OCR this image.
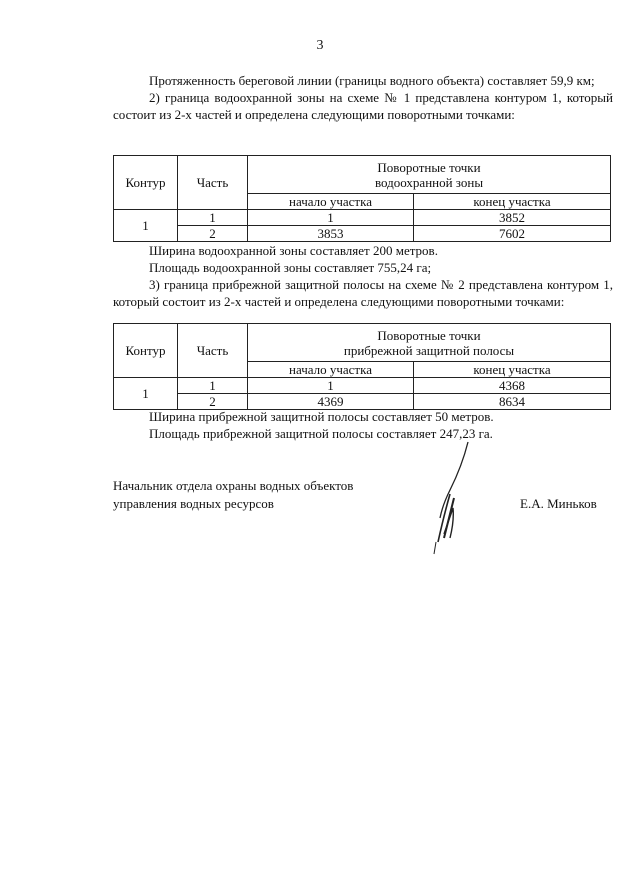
3

Протяженность береговой линии (границы водного объекта) составляет 59,9 км;

2) граница водоохранной зоны на схеме № 1 представлена контуром 1, который состоит из 2-х частей и определена следующими поворотными точками:

Контур	Часть	Поворотные точки
водоохранной зоны	

		начало участка	конец участка
1	1	1	3852
	2	3853	7602

Ширина водоохранной зоны составляет 200 метров.

Площадь водоохранной зоны составляет 755,24 га;

3) граница прибрежной защитной полосы на схеме № 2 представлена контуром 1, который состоит из 2-х частей и определена следующими поворотными точками:

Контур	Часть	Поворотные точки
прибрежной защитной полосы	

		начало участка	конец участка
1	1	1	4368
	2	4369	8634

Ширина прибрежной защитной полосы составляет 50 метров.

Площадь прибрежной защитной полосы составляет 247,23 га.

Начальник отдела охраны водных объектов
управления водных ресурсов	Е.А. Миньков
